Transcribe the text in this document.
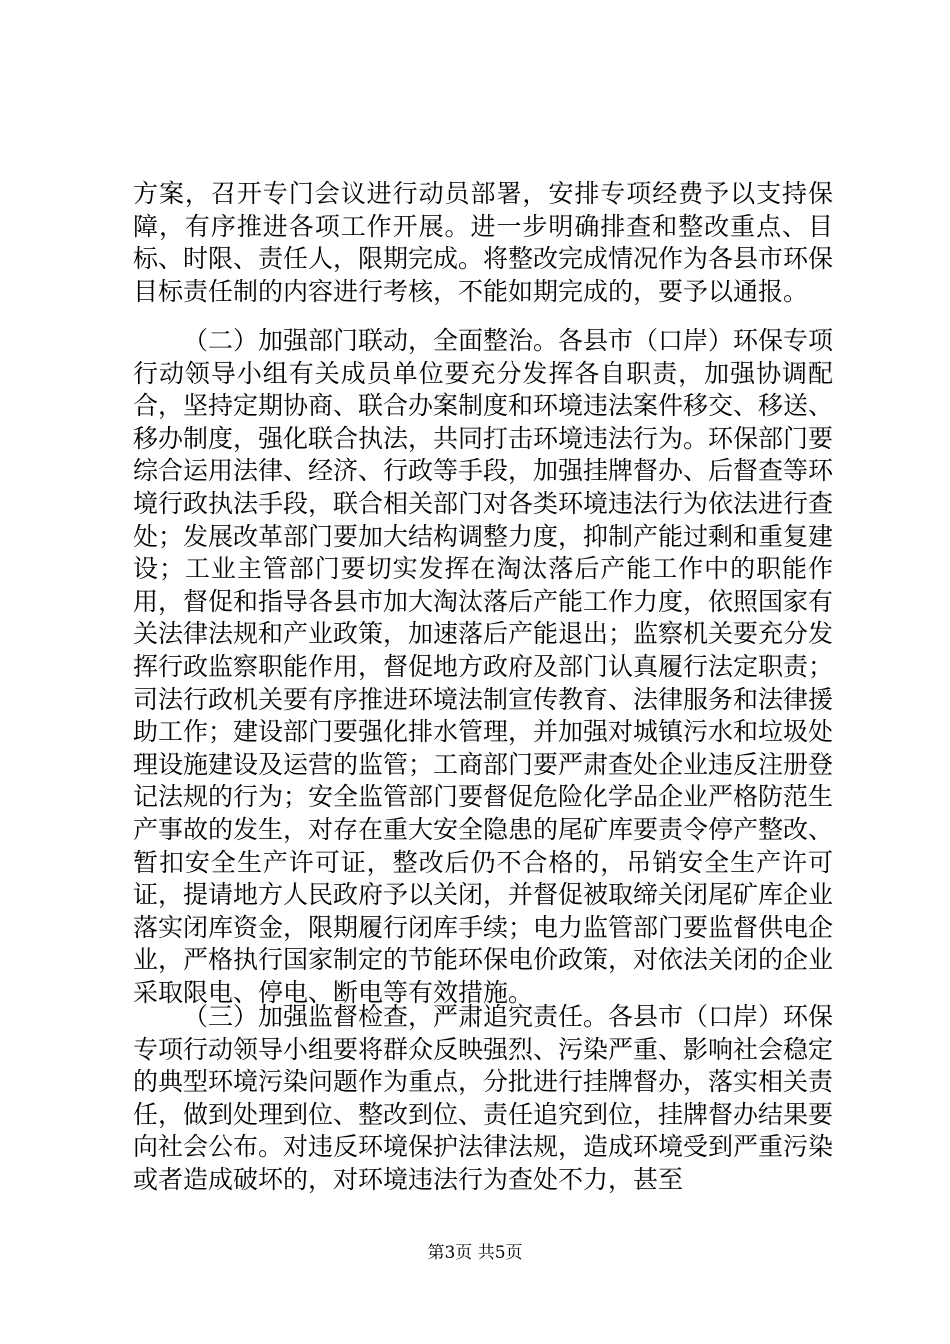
方案，召开专门会议进行动员部署，安排专项经费予以支持保障，有序推进各项工作开展。进一步明确排查和整改重点、目标、时限、责任人，限期完成。将整改完成情况作为各县市环保目标责任制的内容进行考核，不能如期完成的，要予以通报。

（二）加强部门联动，全面整治。各县市（口岸）环保专项行动领导小组有关成员单位要充分发挥各自职责，加强协调配合，坚持定期协商、联合办案制度和环境违法案件移交、移送、移办制度，强化联合执法，共同打击环境违法行为。环保部门要综合运用法律、经济、行政等手段，加强挂牌督办、后督查等环境行政执法手段，联合相关部门对各类环境违法行为依法进行查处；发展改革部门要加大结构调整力度，抑制产能过剩和重复建设；工业主管部门要切实发挥在淘汰落后产能工作中的职能作用，督促和指导各县市加大淘汰落后产能工作力度，依照国家有关法律法规和产业政策，加速落后产能退出；监察机关要充分发挥行政监察职能作用，督促地方政府及部门认真履行法定职责；司法行政机关要有序推进环境法制宣传教育、法律服务和法律援助工作；建设部门要强化排水管理，并加强对城镇污水和垃圾处理设施建设及运营的监管；工商部门要严肃查处企业违反注册登记法规的行为；安全监管部门要督促危险化学品企业严格防范生产事故的发生，对存在重大安全隐患的尾矿库要责令停产整改、暂扣安全生产许可证，整改后仍不合格的，吊销安全生产许可证，提请地方人民政府予以关闭，并督促被取缔关闭尾矿库企业落实闭库资金，限期履行闭库手续；电力监管部门要监督供电企业，严格执行国家制定的节能环保电价政策，对依法关闭的企业采取限电、停电、断电等有效措施。

（三）加强监督检查，严肃追究责任。各县市（口岸）环保专项行动领导小组要将群众反映强烈、污染严重、影响社会稳定的典型环境污染问题作为重点，分批进行挂牌督办，落实相关责任，做到处理到位、整改到位、责任追究到位，挂牌督办结果要向社会公布。对违反环境保护法律法规，造成环境受到严重污染或者造成破坏的，对环境违法行为查处不力，甚至

第3页 共5页
